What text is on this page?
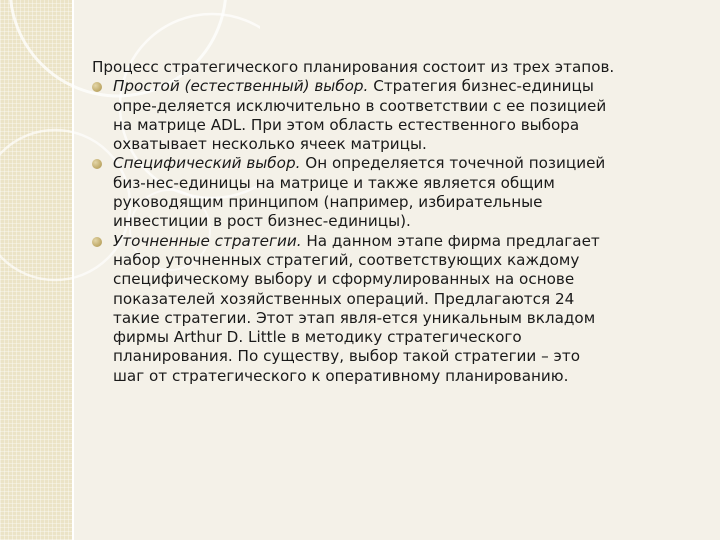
Процесс стратегического планирования состоит из трех этапов.

Простой (естественный) выбор. Стратегия бизнес-единицы
опре-деляется исключительно в соответствии с ее позицией
на матрице ADL. При этом область естественного выбора
охватывает несколько ячеек матрицы.
Специфический выбор. Он определяется точечной позицией
биз-нес-единицы на матрице и также является общим
руководящим принципом (например, избирательные
инвестиции в рост бизнес-единицы).
Уточненные стратегии. На данном этапе фирма предлагает
набор уточненных стратегий, соответствующих каждому
специфическому выбору и сформулированных на основе
показателей хозяйственных операций. Предлагаются 24
такие стратегии. Этот этап явля-ется уникальным вкладом
фирмы Arthur D. Little в методику стратегического
планирования. По существу, выбор такой стратегии – это
шаг от стратегического к оперативному планированию.
